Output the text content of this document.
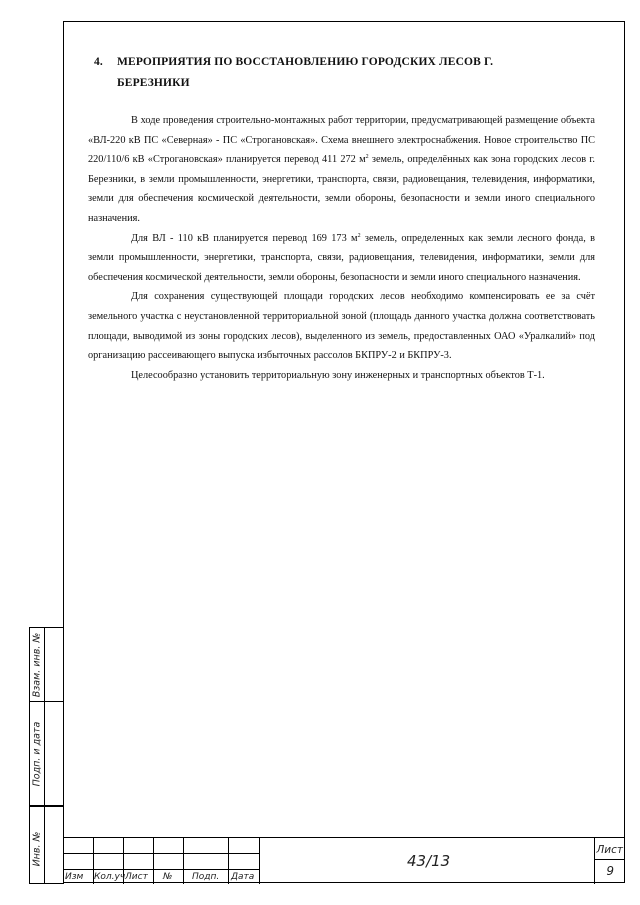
4. МЕРОПРИЯТИЯ ПО ВОССТАНОВЛЕНИЮ ГОРОДСКИХ ЛЕСОВ Г.
БЕРЕЗНИКИ

В ходе проведения строительно-монтажных работ территории, предусматривающей размещение объекта «ВЛ-220 кВ ПС «Северная» - ПС «Строгановская». Схема внешнего электроснабжения. Новое строительство ПС 220/110/6 кВ «Строгановская» планируется перевод 411 272 $м^2$ земель, определённых как зона городских лесов г. Березники, в земли промышленности, энергетики, транспорта, связи, радиовещания, телевидения, информатики, земли для обеспечения космической деятельности, земли обороны, безопасности и земли иного специального назначения.

Для ВЛ - 110 кВ планируется перевод 169 173 $м^2$ земель, определенных как земли лесного фонда, в земли промышленности, энергетики, транспорта, связи, радиовещания, телевидения, информатики, земли для обеспечения космической деятельности, земли обороны, безопасности и земли иного специального назначения.

Для сохранения существующей площади городских лесов необходимо компенсировать ее за счёт земельного участка с неустановленной территориальной зоной (площадь данного участка должна соответствовать площади, выводимой из зоны городских лесов), выделенного из земель, предоставленных ОАО «Уралкалий» под организацию рассеивающего выпуска избыточных рассолов БКПРУ-2 и БКПРУ-3.

Целесообразно установить территориальную зону инженерных и транспортных объектов Т-1.

Взам. инв. №
Подп. и дата
Инв. №
Изм Кол.уч Лист № Подп. Дата
43/13
Лист
9
